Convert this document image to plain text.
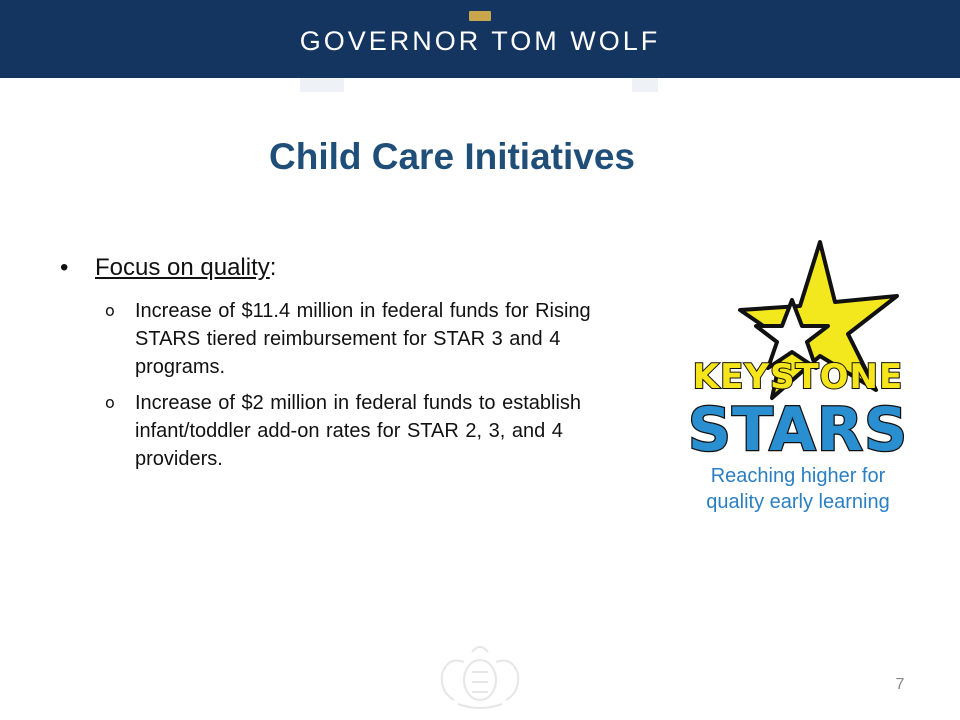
GOVERNOR TOM WOLF
Child Care Initiatives
• Focus on quality:
o Increase of $11.4 million in federal funds for Rising STARS tiered reimbursement for STAR 3 and 4 programs.
o Increase of $2 million in federal funds to establish infant/toddler add-on rates for STAR 2, 3, and 4 providers.
KEYSTONE
STARS
Reaching higher for
quality early learning
7
